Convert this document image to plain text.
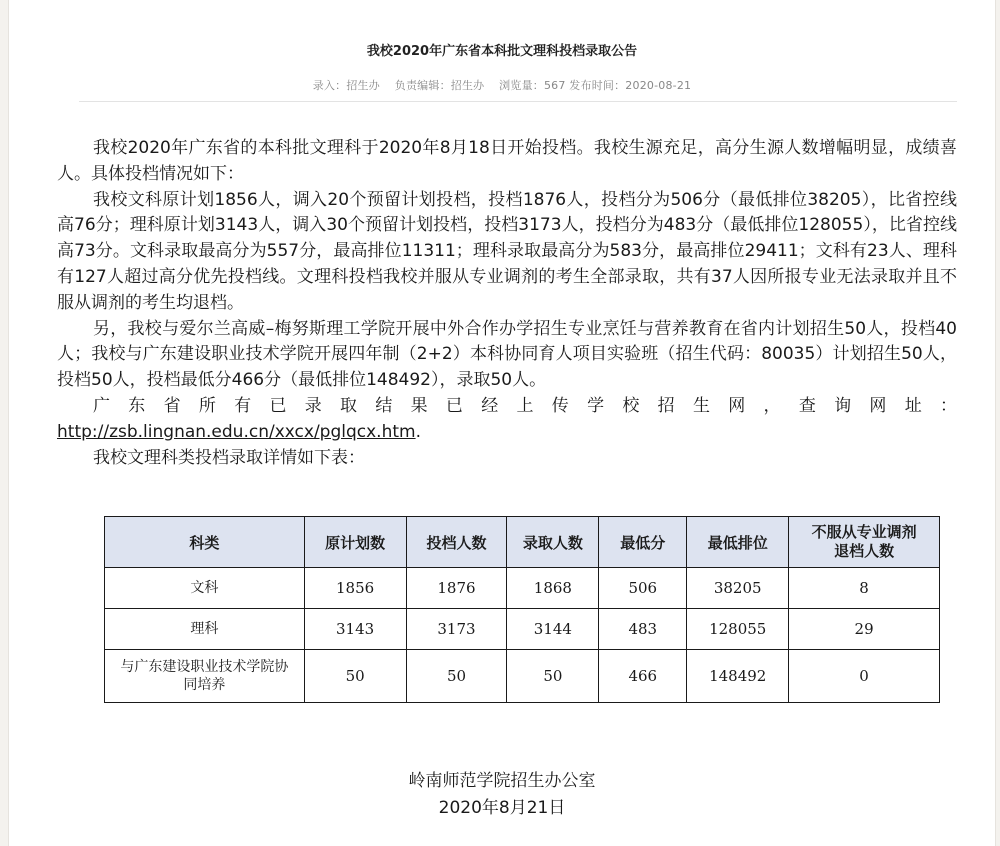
我校2020年广东省本科批文理科投档录取公告
录入：招生办 负责编辑：招生办 浏览量：567 发布时间：2020-08-21

我校2020年广东省的本科批文理科于2020年8月18日开始投档。我校生源充足，高分生源人数增幅明显，成绩喜人。具体投档情况如下：

我校文科原计划1856人，调入20个预留计划投档，投档1876人，投档分为506分（最低排位38205），比省控线高76分；理科原计划3143人，调入30个预留计划投档，投档3173人，投档分为483分（最低排位128055），比省控线高73分。文科录取最高分为557分，最高排位11311；理科录取最高分为583分，最高排位29411；文科有23人、理科有127人超过高分优先投档线。文理科投档我校并服从专业调剂的考生全部录取，共有37人因所报专业无法录取并且不服从调剂的考生均退档。

另，我校与爱尔兰高威–梅努斯理工学院开展中外合作办学招生专业烹饪与营养教育在省内计划招生50人，投档40人；我校与广东建设职业技术学院开展四年制（2+2）本科协同育人项目实验班（招生代码：80035）计划招生50人，投档50人，投档最低分466分（最低排位148492），录取50人。

广东省所有已录取结果已经上传学校招生网，查询网址：

http://zsb.lingnan.edu.cn/xxcx/pglqcx.htm.

我校文理科类投档录取详情如下表：

科类	原计划数	投档人数	录取人数	最低分	最低排位	不服从专业调剂退档人数
文科	1856	1876	1868	506	38205	8
理科	3143	3173	3144	483	128055	29
与广东建设职业技术学院协同培养	50	50	50	466	148492	0
岭南师范学院招生办公室
2020年8月21日
